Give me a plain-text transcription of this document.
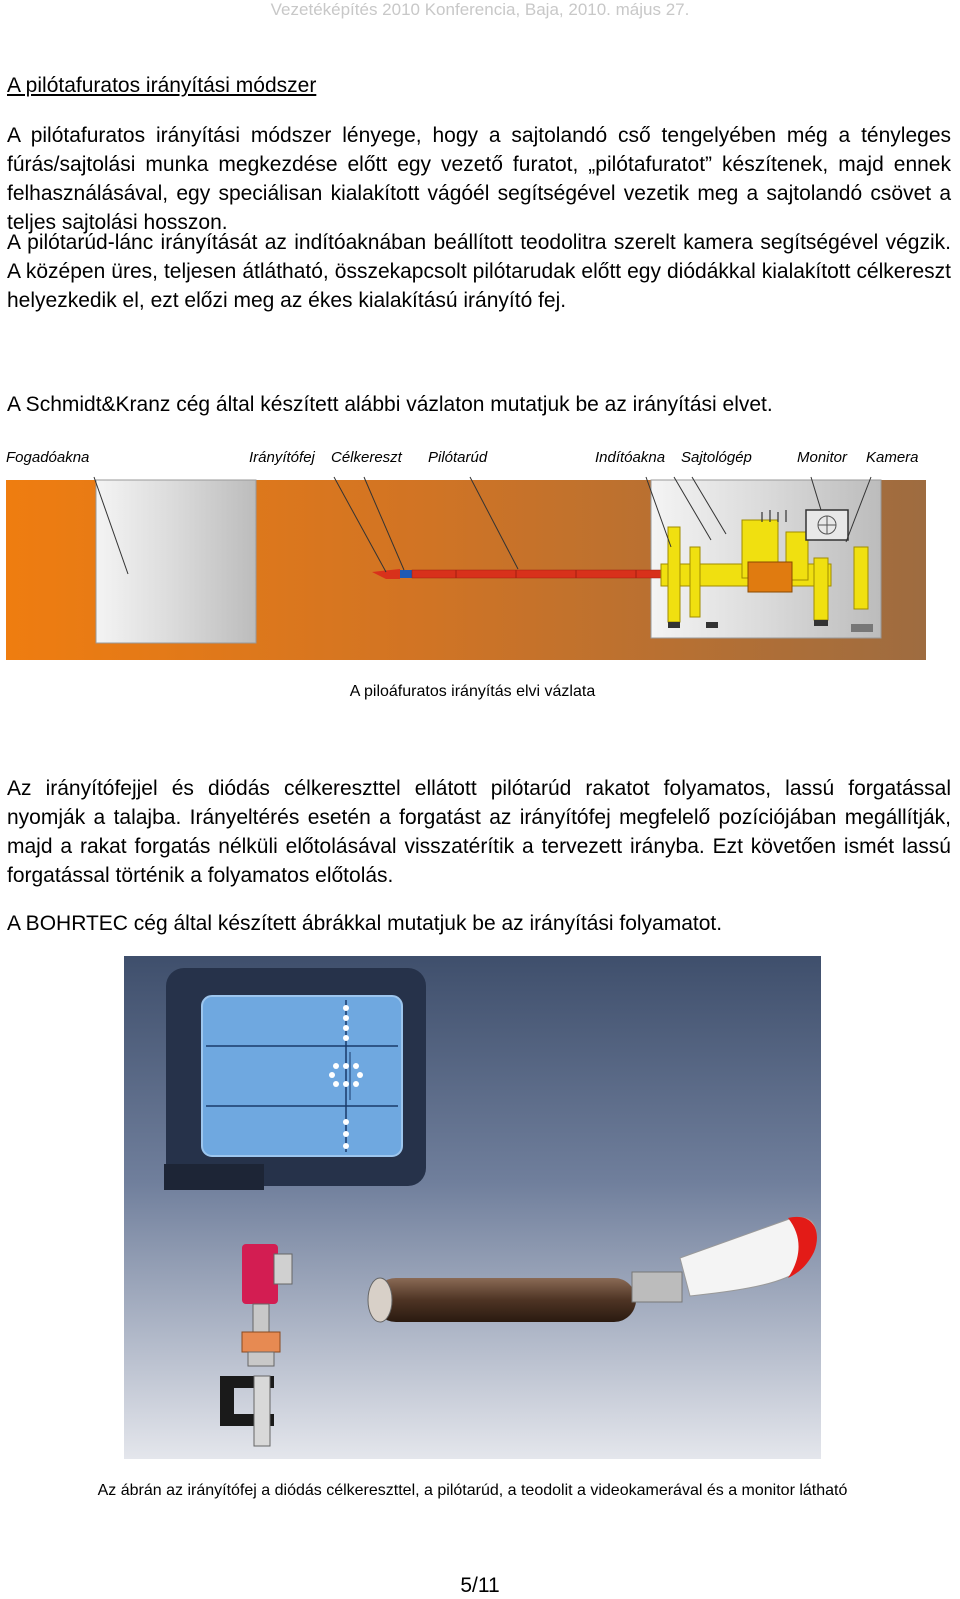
Vezetéképítés 2010 Konferencia, Baja, 2010. május 27.
A pilótafuratos irányítási módszer

A pilótafuratos irányítási módszer lényege, hogy a sajtolandó cső tengelyében még a tényleges fúrás/sajtolási munka megkezdése előtt egy vezető furatot, „pilótafuratot” készítenek, majd ennek felhasználásával, egy speciálisan kialakított vágóél segítségével vezetik meg a sajtolandó csövet a teljes sajtolási hosszon.

A pilótarúd-lánc irányítását az indítóaknában beállított teodolitra szerelt kamera segítségével végzik. A középen üres, teljesen átlátható, összekapcsolt pilótarudak előtt egy diódákkal kialakított célkereszt helyezkedik el, ezt előzi meg az ékes kialakítású irányító fej.

A Schmidt&Kranz cég által készített alábbi vázlaton mutatjuk be az irányítási elvet.

Fogadóakna	Irányítófej Célkereszt Pilótarúd	Indítóakna Sajtológép	Monitor Kamera
A piloáfuratos irányítás elvi vázlata

Az irányítófejjel és diódás célkereszttel ellátott pilótarúd rakatot folyamatos, lassú forgatással nyomják a talajba. Irányeltérés esetén a forgatást az irányítófej megfelelő pozíciójában megállítják, majd a rakat forgatás nélküli előtolásával visszatérítik a tervezett irányba. Ezt követően ismét lassú forgatással történik a folyamatos előtolás.

A BOHRTEC cég által készített ábrákkal mutatjuk be az irányítási folyamatot.

Az ábrán az irányítófej a diódás célkereszttel, a pilótarúd, a teodolit a videokamerával és a monitor látható
5/11
